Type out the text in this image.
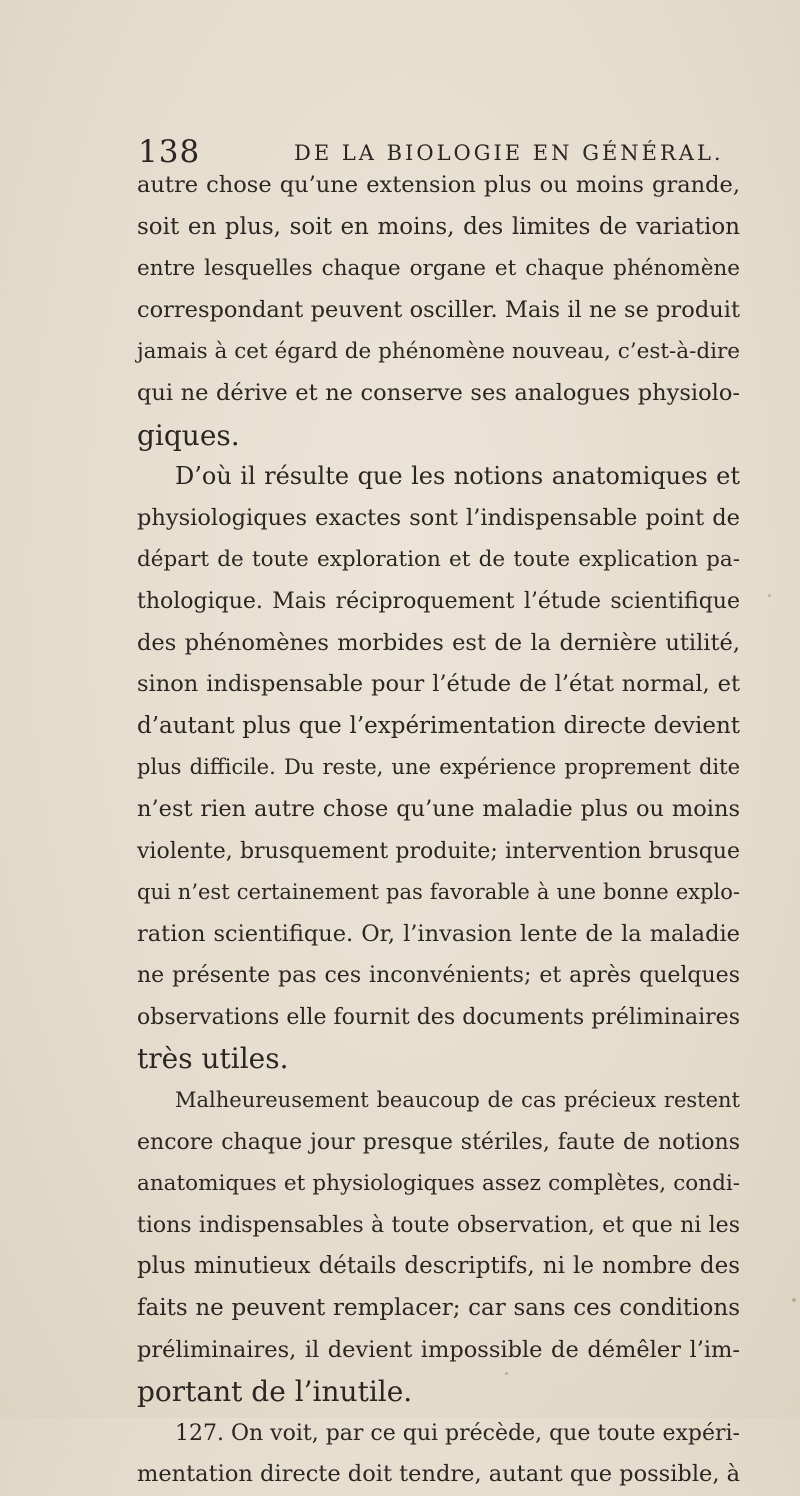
138	DE LA BIOLOGIE EN GÉNÉRAL.
autre chose qu’une extension plus ou moins grande,
soit en plus, soit en moins, des limites de variation
entre lesquelles chaque organe et chaque phénomène
correspondant peuvent osciller. Mais il ne se produit
jamais à cet égard de phénomène nouveau, c’est-à-dire
qui ne dérive et ne conserve ses analogues physiolo-
giques.
D’où il résulte que les notions anatomiques et
physiologiques exactes sont l’indispensable point de
départ de toute exploration et de toute explication pa-
thologique. Mais réciproquement l’étude scientifique
des phénomènes morbides est de la dernière utilité,
sinon indispensable pour l’étude de l’état normal, et
d’autant plus que l’expérimentation directe devient
plus difficile. Du reste, une expérience proprement dite
n’est rien autre chose qu’une maladie plus ou moins
violente, brusquement produite; intervention brusque
qui n’est certainement pas favorable à une bonne explo-
ration scientifique. Or, l’invasion lente de la maladie
ne présente pas ces inconvénients; et après quelques
observations elle fournit des documents préliminaires
très utiles.
Malheureusement beaucoup de cas précieux restent
encore chaque jour presque stériles, faute de notions
anatomiques et physiologiques assez complètes, condi-
tions indispensables à toute observation, et que ni les
plus minutieux détails descriptifs, ni le nombre des
faits ne peuvent remplacer; car sans ces conditions
préliminaires, il devient impossible de démêler l’im-
portant de l’inutile.
127. On voit, par ce qui précède, que toute expéri-
mentation directe doit tendre, autant que possible, à
